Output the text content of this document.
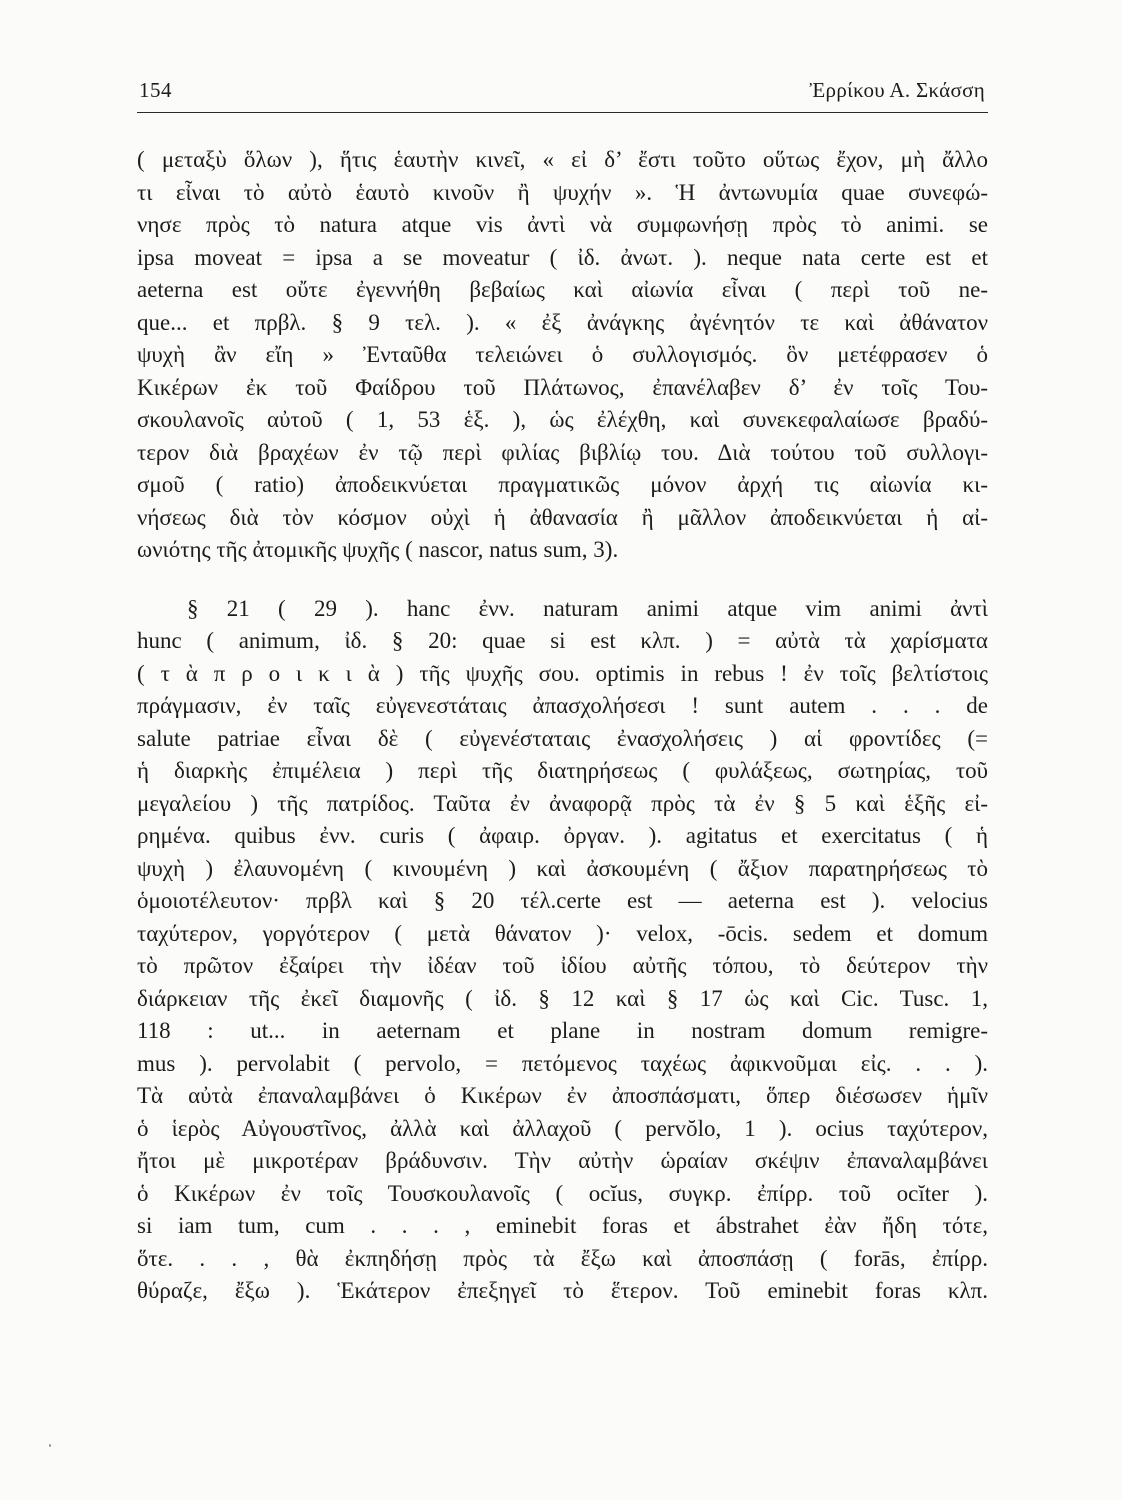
154	Ἐρρίκου Α. Σκάσση
( μεταξὺ ὅλων ), ἥτις ἑαυτὴν κινεῖ, « εἰ δ’ ἔστι τοῦτο οὕτως ἔχον, μὴ ἄλλο
τι εἶναι τὸ αὐτὸ ἑαυτὸ κινοῦν ἢ ψυχήν ». Ἡ ἀντωνυμία quae συνεφώ-
νησε πρὸς τὸ natura atque vis ἀντὶ νὰ συμφωνήσῃ πρὸς τὸ animi. se
ipsa moveat = ipsa a se moveatur ( ἰδ. ἀνωτ. ). neque nata certe est et
aeterna est οὔτε ἐγεννήθη βεβαίως καὶ αἰωνία εἶναι ( περὶ τοῦ ne-
que... et πρβλ. § 9 τελ. ). « ἐξ ἀνάγκης ἀγένητόν τε καὶ ἀθάνατον
ψυχὴ ἂν εἴη » Ἐνταῦθα τελειώνει ὁ συλλογισμός. ὃν μετέφρασεν ὁ
Κικέρων ἐκ τοῦ Φαίδρου τοῦ Πλάτωνος, ἐπανέλαβεν δ’ ἐν τοῖς Του-
σκουλανοῖς αὐτοῦ ( 1, 53 ἑξ. ), ὡς ἐλέχθη, καὶ συνεκεφαλαίωσε βραδύ-
τερον διὰ βραχέων ἐν τῷ περὶ φιλίας βιβλίῳ του. Διὰ τούτου τοῦ συλλογι-
σμοῦ ( ratio) ἀποδεικνύεται πραγματικῶς μόνον ἀρχή τις αἰωνία κι-
νήσεως διὰ τὸν κόσμον οὐχὶ ἡ ἀθανασία ἢ μᾶλλον ἀποδεικνύεται ἡ αἰ-
ωνιότης τῆς ἀτομικῆς ψυχῆς ( nascor, natus sum, 3).
§ 21 ( 29 ). hanc ἐνν. naturam animi atque vim animi ἀντὶ
hunc ( animum, ἰδ. § 20: quae si est κλπ. ) = αὐτὰ τὰ χαρίσματα
( τ ὰ π ρ ο ι κ ι ὰ ) τῆς ψυχῆς σου. optimis in rebus ! ἐν τοῖς βελτίστοις
πράγμασιν, ἐν ταῖς εὐγενεστάταις ἀπασχολήσεσι ! sunt autem . . . de
salute patriae εἶναι δὲ ( εὐγενέσταταις ἐνασχολήσεις ) αἱ φροντίδες (=
ἡ διαρκὴς ἐπιμέλεια ) περὶ τῆς διατηρήσεως ( φυλάξεως, σωτηρίας, τοῦ
μεγαλείου ) τῆς πατρίδος. Ταῦτα ἐν ἀναφορᾷ πρὸς τὰ ἐν § 5 καὶ ἑξῆς εἰ-
ρημένα. quibus ἐνν. curis ( ἀφαιρ. ὀργαν. ). agitatus et exercitatus ( ἡ
ψυχὴ ) ἐλαυνομένη ( κινουμένη ) καὶ ἀσκουμένη ( ἄξιον παρατηρήσεως τὸ
ὁμοιοτέλευτον· πρβλ καὶ § 20 τέλ.certe est — aeterna est ). velocius
ταχύτερον, γοργότερον ( μετὰ θάνατον )· velox, -ōcis. sedem et domum
τὸ πρῶτον ἐξαίρει τὴν ἰδέαν τοῦ ἰδίου αὐτῆς τόπου, τὸ δεύτερον τὴν
διάρκειαν τῆς ἐκεῖ διαμονῆς ( ἰδ. § 12 καὶ § 17 ὡς καὶ Cic. Tusc. 1,
118 : ut... in aeternam et plane in nostram domum remigre-
mus ). pervolabit ( pervolo, = πετόμενος ταχέως ἀφικνοῦμαι εἰς. . . ).
Τὰ αὐτὰ ἐπαναλαμβάνει ὁ Κικέρων ἐν ἀποσπάσματι, ὅπερ διέσωσεν ἡμῖν
ὁ ἱερὸς Αὐγουστῖνος, ἀλλὰ καὶ ἀλλαχοῦ ( pervŏlo, 1 ). ocius ταχύτερον,
ἤτοι μὲ μικροτέραν βράδυνσιν. Τὴν αὐτὴν ὡραίαν σκέψιν ἐπαναλαμβάνει
ὁ Κικέρων ἐν τοῖς Τουσκουλανοῖς ( ocĭus, συγκρ. ἐπίρρ. τοῦ ocĭter ).
si iam tum, cum . . . , eminebit foras et ábstrahet ἐὰν ἤδη τότε,
ὅτε. . . , θὰ ἐκπηδήσῃ πρὸς τὰ ἔξω καὶ ἀποσπάσῃ ( forās, ἐπίρρ.
θύραζε, ἔξω ). Ἑκάτερον ἐπεξηγεῖ τὸ ἕτερον. Τοῦ eminebit foras κλπ.
